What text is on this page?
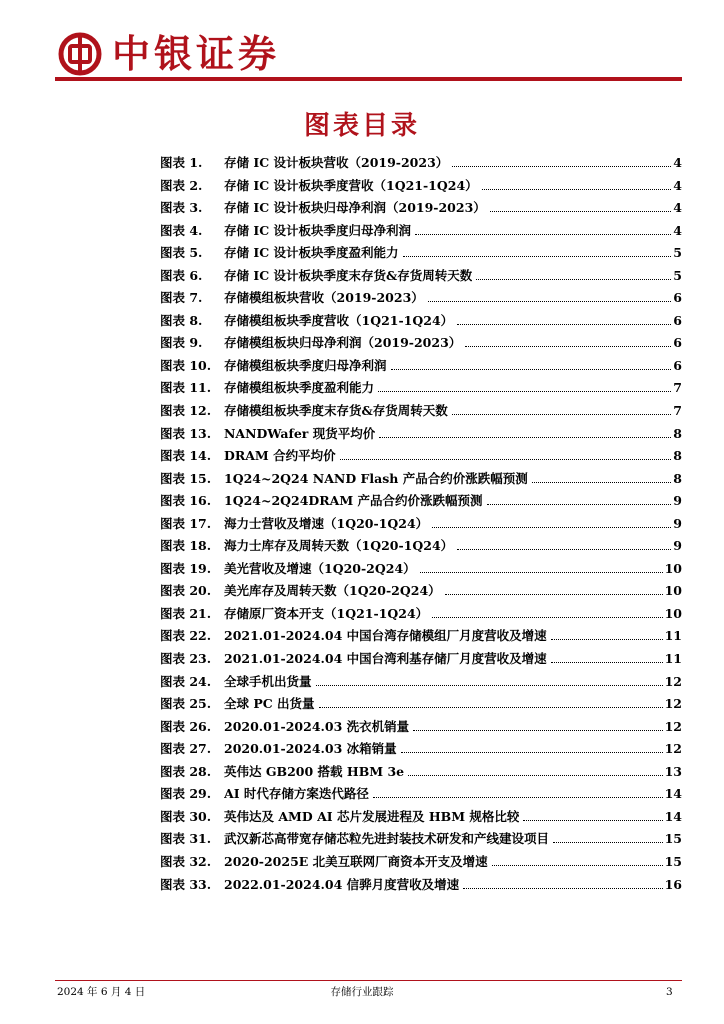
中银证券
图表目录
图表 1.	存储 IC 设计板块营收（2019-2023）	4
图表 2.	存储 IC 设计板块季度营收（1Q21-1Q24）	4
图表 3.	存储 IC 设计板块归母净利润（2019-2023）	4
图表 4.	存储 IC 设计板块季度归母净利润	4
图表 5.	存储 IC 设计板块季度盈利能力	5
图表 6.	存储 IC 设计板块季度末存货&存货周转天数	5
图表 7.	存储模组板块营收（2019-2023）	6
图表 8.	存储模组板块季度营收（1Q21-1Q24）	6
图表 9.	存储模组板块归母净利润（2019-2023）	6
图表 10.	存储模组板块季度归母净利润	6
图表 11.	存储模组板块季度盈利能力	7
图表 12.	存储模组板块季度末存货&存货周转天数	7
图表 13.	NANDWafer 现货平均价	8
图表 14.	DRAM 合约平均价	8
图表 15.	1Q24~2Q24 NAND Flash 产品合约价涨跌幅预测	8
图表 16.	1Q24~2Q24DRAM 产品合约价涨跌幅预测	9
图表 17.	海力士营收及增速（1Q20-1Q24）	9
图表 18.	海力士库存及周转天数（1Q20-1Q24）	9
图表 19.	美光营收及增速（1Q20-2Q24）	10
图表 20.	美光库存及周转天数（1Q20-2Q24）	10
图表 21.	存储原厂资本开支（1Q21-1Q24）	10
图表 22.	2021.01-2024.04 中国台湾存储模组厂月度营收及增速	11
图表 23.	2021.01-2024.04 中国台湾利基存储厂月度营收及增速	11
图表 24.	全球手机出货量	12
图表 25.	全球 PC 出货量	12
图表 26.	2020.01-2024.03 洗衣机销量	12
图表 27.	2020.01-2024.03 冰箱销量	12
图表 28.	英伟达 GB200 搭载 HBM 3e	13
图表 29.	AI 时代存储方案迭代路径	14
图表 30.	英伟达及 AMD AI 芯片发展进程及 HBM 规格比较	14
图表 31.	武汉新芯高带宽存储芯粒先进封装技术研发和产线建设项目	15
图表 32.	2020-2025E 北美互联网厂商资本开支及增速	15
图表 33.	2022.01-2024.04 信骅月度营收及增速	16
2024 年 6 月 4 日	存储行业跟踪	3
